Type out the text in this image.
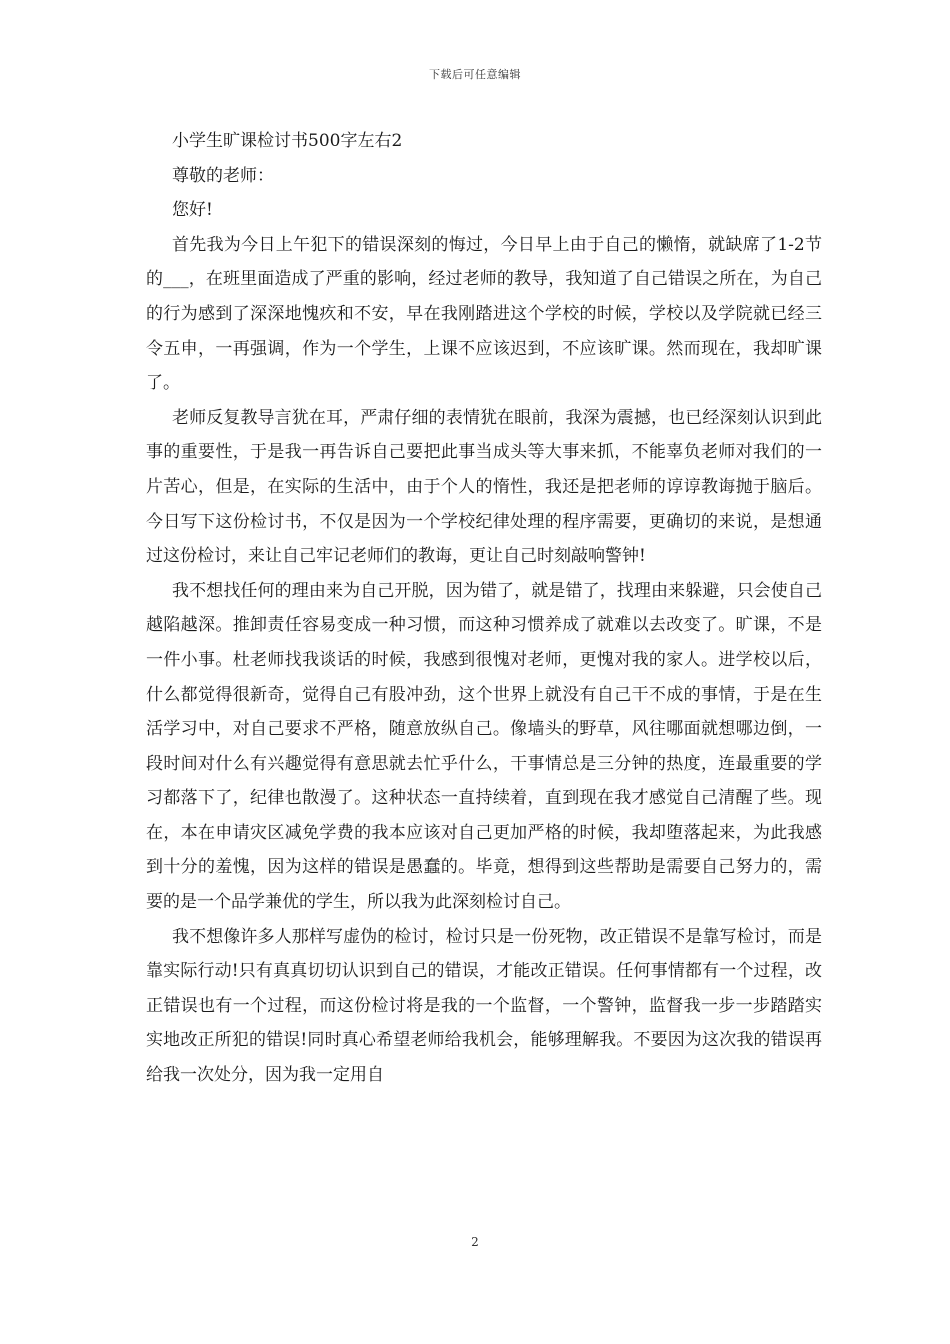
下载后可任意编辑

小学生旷课检讨书500字左右2

尊敬的老师：

您好!

首先我为今日上午犯下的错误深刻的悔过，今日早上由于自己的懒惰，就缺席了1-2节的___，在班里面造成了严重的影响，经过老师的教导，我知道了自己错误之所在，为自己的行为感到了深深地愧疚和不安，早在我刚踏进这个学校的时候，学校以及学院就已经三令五申，一再强调，作为一个学生，上课不应该迟到，不应该旷课。然而现在，我却旷课了。

老师反复教导言犹在耳，严肃仔细的表情犹在眼前，我深为震撼，也已经深刻认识到此事的重要性，于是我一再告诉自己要把此事当成头等大事来抓，不能辜负老师对我们的一片苦心，但是，在实际的生活中，由于个人的惰性，我还是把老师的谆谆教诲抛于脑后。今日写下这份检讨书，不仅是因为一个学校纪律处理的程序需要，更确切的来说，是想通过这份检讨，来让自己牢记老师们的教诲，更让自己时刻敲响警钟!

我不想找任何的理由来为自己开脱，因为错了，就是错了，找理由来躲避，只会使自己越陷越深。推卸责任容易变成一种习惯，而这种习惯养成了就难以去改变了。旷课，不是一件小事。杜老师找我谈话的时候，我感到很愧对老师，更愧对我的家人。进学校以后，什么都觉得很新奇，觉得自己有股冲劲，这个世界上就没有自己干不成的事情，于是在生活学习中，对自己要求不严格，随意放纵自己。像墙头的野草，风往哪面就想哪边倒，一段时间对什么有兴趣觉得有意思就去忙乎什么，干事情总是三分钟的热度，连最重要的学习都落下了，纪律也散漫了。这种状态一直持续着，直到现在我才感觉自己清醒了些。现在，本在申请灾区减免学费的我本应该对自己更加严格的时候，我却堕落起来，为此我感到十分的羞愧，因为这样的错误是愚蠢的。毕竟，想得到这些帮助是需要自己努力的，需要的是一个品学兼优的学生，所以我为此深刻检讨自己。

我不想像许多人那样写虚伪的检讨，检讨只是一份死物，改正错误不是靠写检讨，而是靠实际行动!只有真真切切认识到自己的错误，才能改正错误。任何事情都有一个过程，改正错误也有一个过程，而这份检讨将是我的一个监督，一个警钟，监督我一步一步踏踏实实地改正所犯的错误!同时真心希望老师给我机会，能够理解我。不要因为这次我的错误再给我一次处分，因为我一定用自

2
